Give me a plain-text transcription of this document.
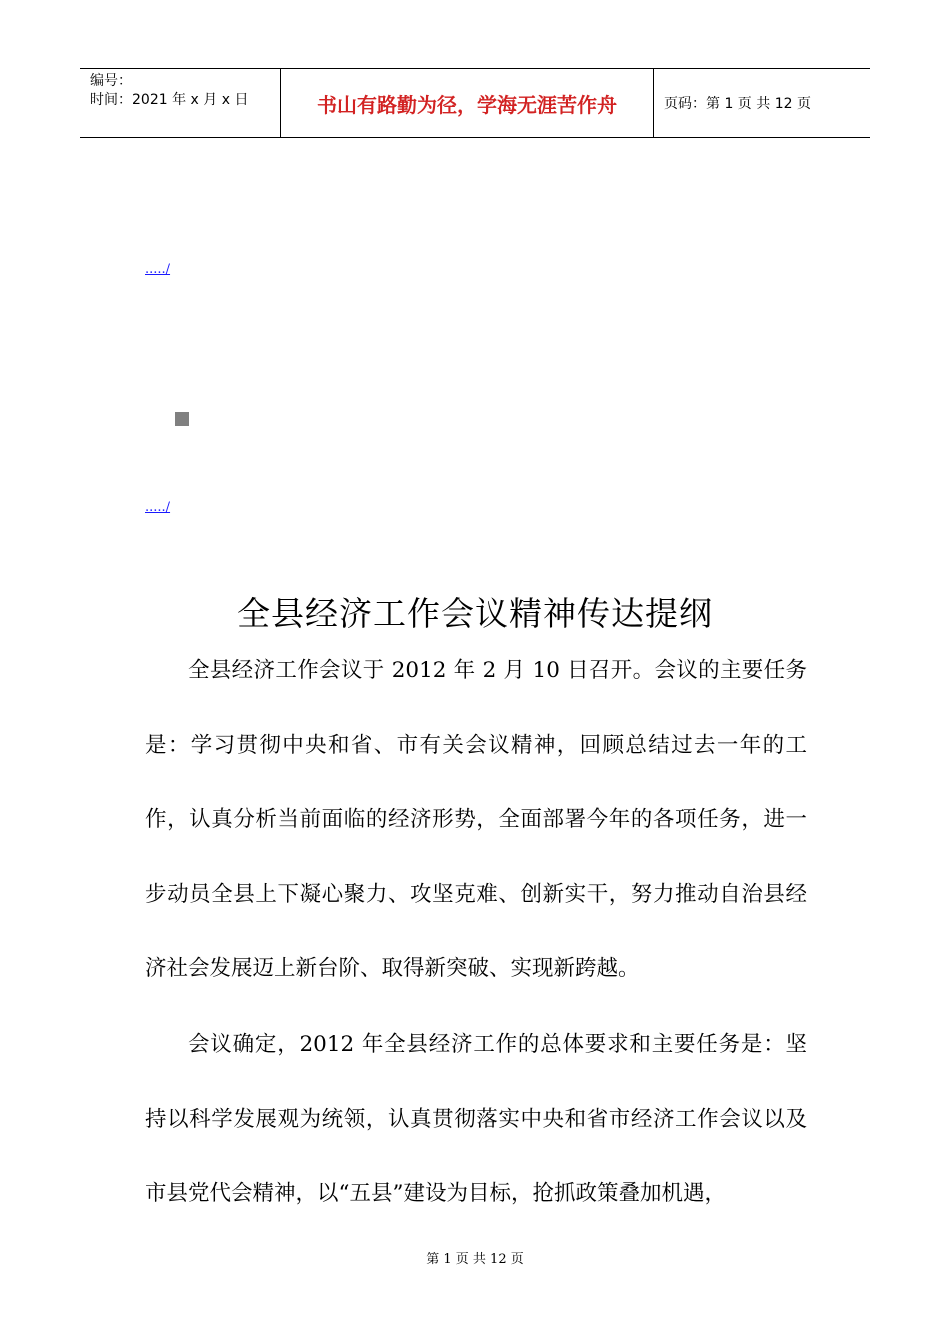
编号：
时间：2021 年 x 月 x 日	书山有路勤为径，学海无涯苦作舟	页码：第 1 页 共 12 页
...../
...../
全县经济工作会议精神传达提纲
全县经济工作会议于 2012 年 2 月 10 日召开。会议的主要任务是：学习贯彻中央和省、市有关会议精神，回顾总结过去一年的工作，认真分析当前面临的经济形势，全面部署今年的各项任务，进一步动员全县上下凝心聚力、攻坚克难、创新实干，努力推动自治县经济社会发展迈上新台阶、取得新突破、实现新跨越。
会议确定，2012 年全县经济工作的总体要求和主要任务是：坚持以科学发展观为统领，认真贯彻落实中央和省市经济工作会议以及市县党代会精神，以“五县”建设为目标，抢抓政策叠加机遇，
第 1 页 共 12 页
